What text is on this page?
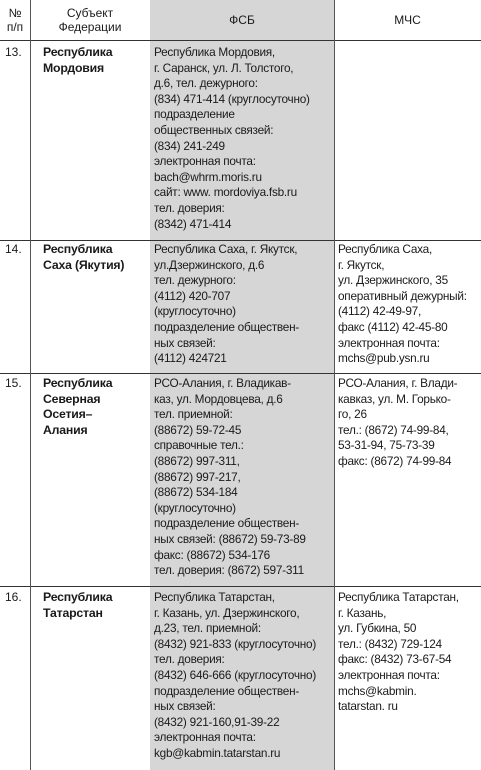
№
п/п
Субъект
Федерации	ФСБ	МЧС
13. Республика
Мордовия
Республика Мордовия,
г. Саранск, ул. Л. Толстого,
д.6, тел. дежурного:
(834) 471-414 (круглосуточно)
подразделение
общественных связей:
(834) 241-249
электронная почта:
bach@whrm.moris.ru
сайт: www. mordoviya.fsb.ru
тел. доверия:
(8342) 471-414
14. Республика
Саха (Якутия)
Республика Саха, г. Якутск,
ул.Дзержинского, д.6
тел. дежурного:
(4112) 420-707
(круглосуточно)
подразделение обществен-
ных связей:
(4112) 424721
Республика Саха,
г. Якутск,
ул. Дзержинского, 35
оперативный дежурный:
(4112) 42-49-97,
факс (4112) 42-45-80
электронная почта:
mchs@pub.ysn.ru
15. Республика
Северная
Осетия–
Алания
РСО-Алания, г. Владикав-
каз, ул. Мордовцева, д.6
тел. приемной:
(88672) 59-72-45
справочные тел.:
(88672) 997-311,
(88672) 997-217,
(88672) 534-184
(круглосуточно)
подразделение обществен-
ных связей: (88672) 59-73-89
факс: (88672) 534-176
тел. доверия: (8672) 597-311
РСО-Алания, г. Влади-
кавказ, ул. М. Горько-
го, 26
тел.: (8672) 74-99-84,
53-31-94, 75-73-39
факс: (8672) 74-99-84
16. Республика
Татарстан
Республика Татарстан,
г. Казань, ул. Дзержинского,
д.23, тел. приемной:
(8432) 921-833 (круглосуточно)
тел. доверия:
(8432) 646-666 (круглосуточно)
подразделение обществен-
ных связей:
(8432) 921-160,91-39-22
электронная почта:
kgb@kabmin.tatarstan.ru
Республика Татарстан,
г. Казань,
ул. Губкина, 50
тел.: (8432) 729-124
факс: (8432) 73-67-54
электронная почта:
mchs@kabmin.
tatarstan. ru
